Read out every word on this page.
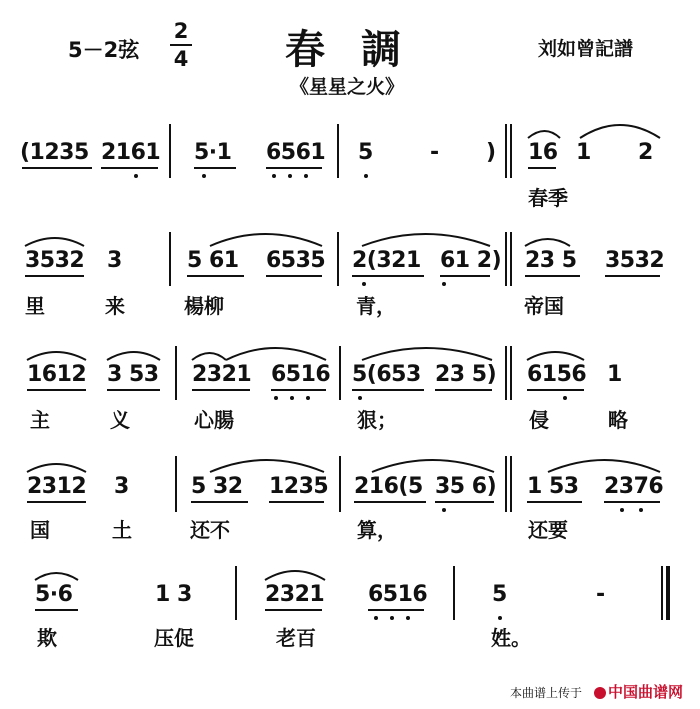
5－2弦
2
4 春調	刘如曾記譜
《星星之火》
(1235 2161 5·1 6561 5	- ) 16 1 2
春季
3532 3	5 61 6535 2(321 61 2) 23 5 3532
里	来	楊柳	青，	帝国
1612 3 53 2321 6516 5(653 23 5) 6156 1
主	义	心腸	狠；	侵	略
2312 3	5 32 1235 216(5 35 6) 1 53 2376
国	土	还不	算，	还要
5·6	1 3	2321 6516	5	-
欺	压促	老百	姓。
本曲谱上传于	中国曲谱网
